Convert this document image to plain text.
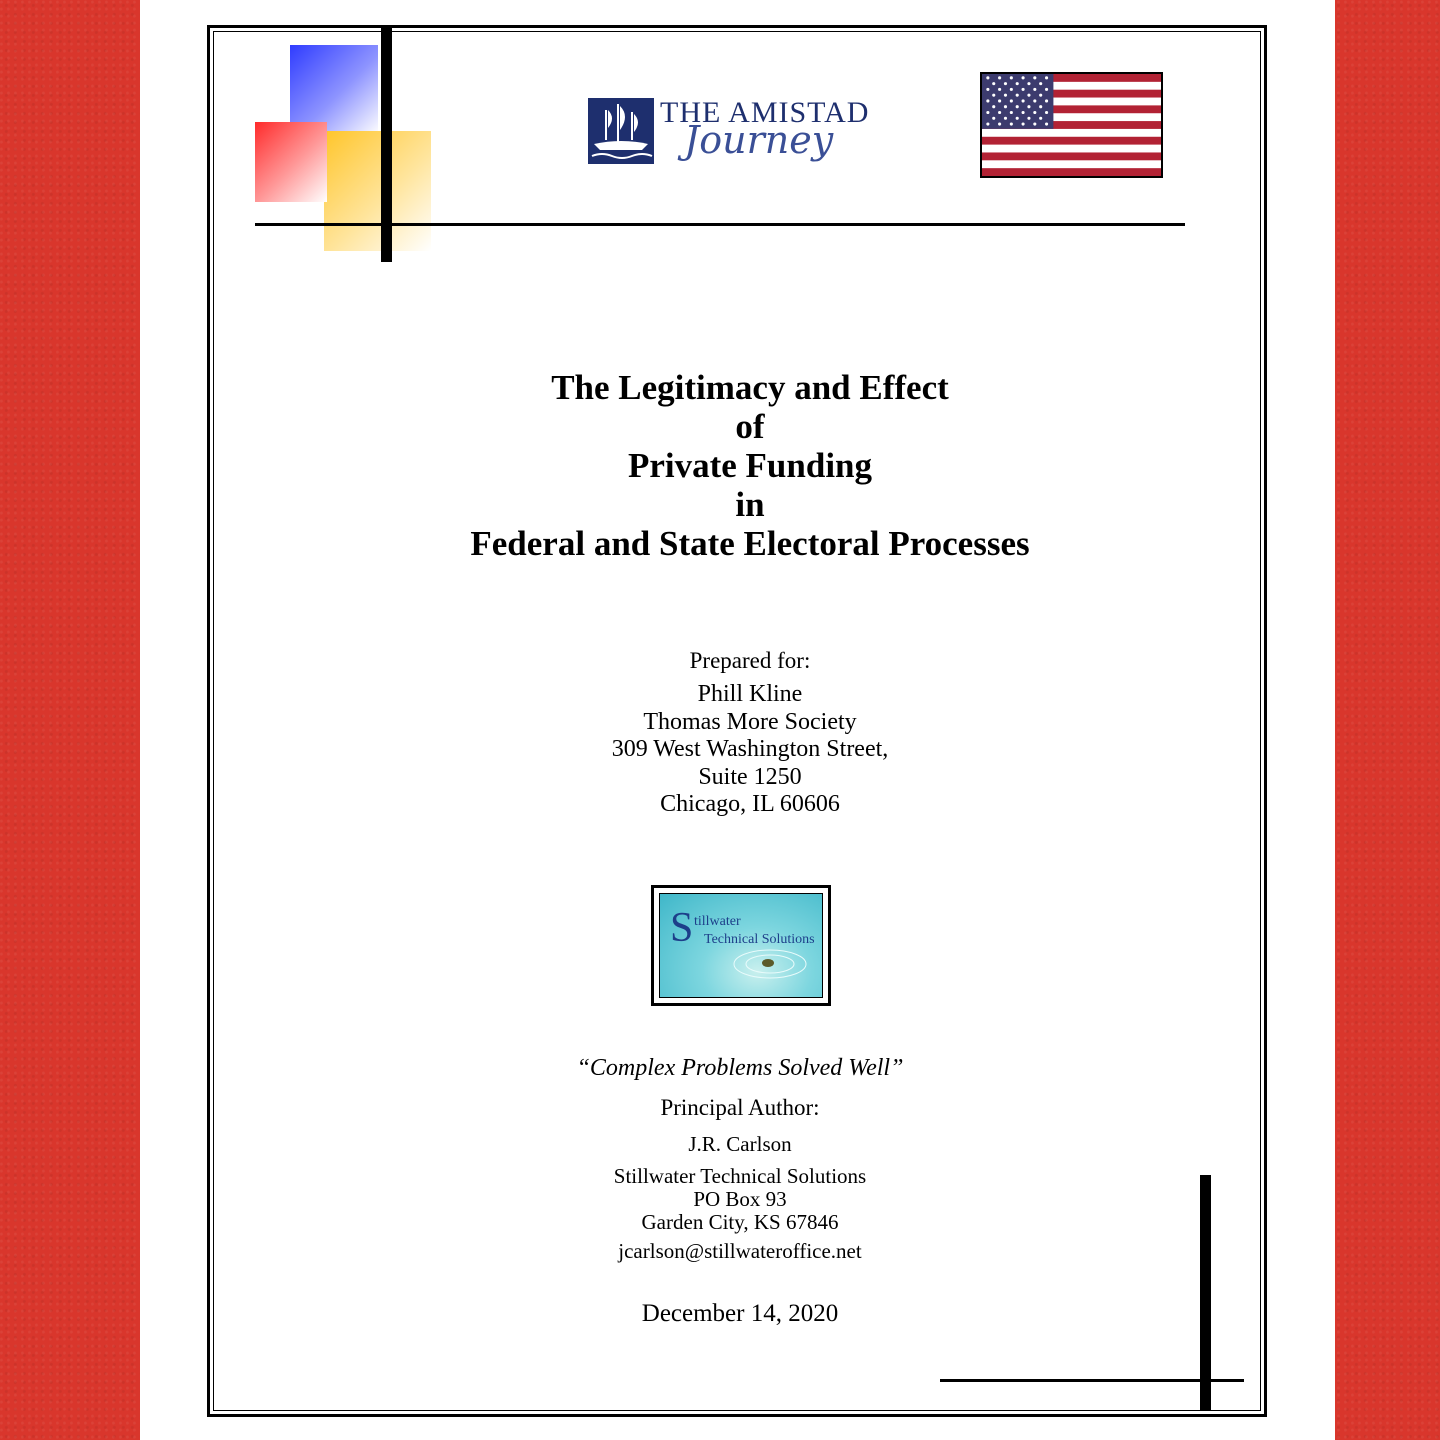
THE AMISTAD
Journey
The Legitimacy and Effect
of
Private Funding
in
Federal and State Electoral Processes
Prepared for:
Phill Kline
Thomas More Society
309 West Washington Street,
Suite 1250
Chicago, IL 60606
S tillwater
Technical Solutions
“Complex Problems Solved Well”
Principal Author:
J.R. Carlson
Stillwater Technical Solutions
PO Box 93
Garden City, KS 67846
jcarlson@stillwateroffice.net
December 14, 2020
